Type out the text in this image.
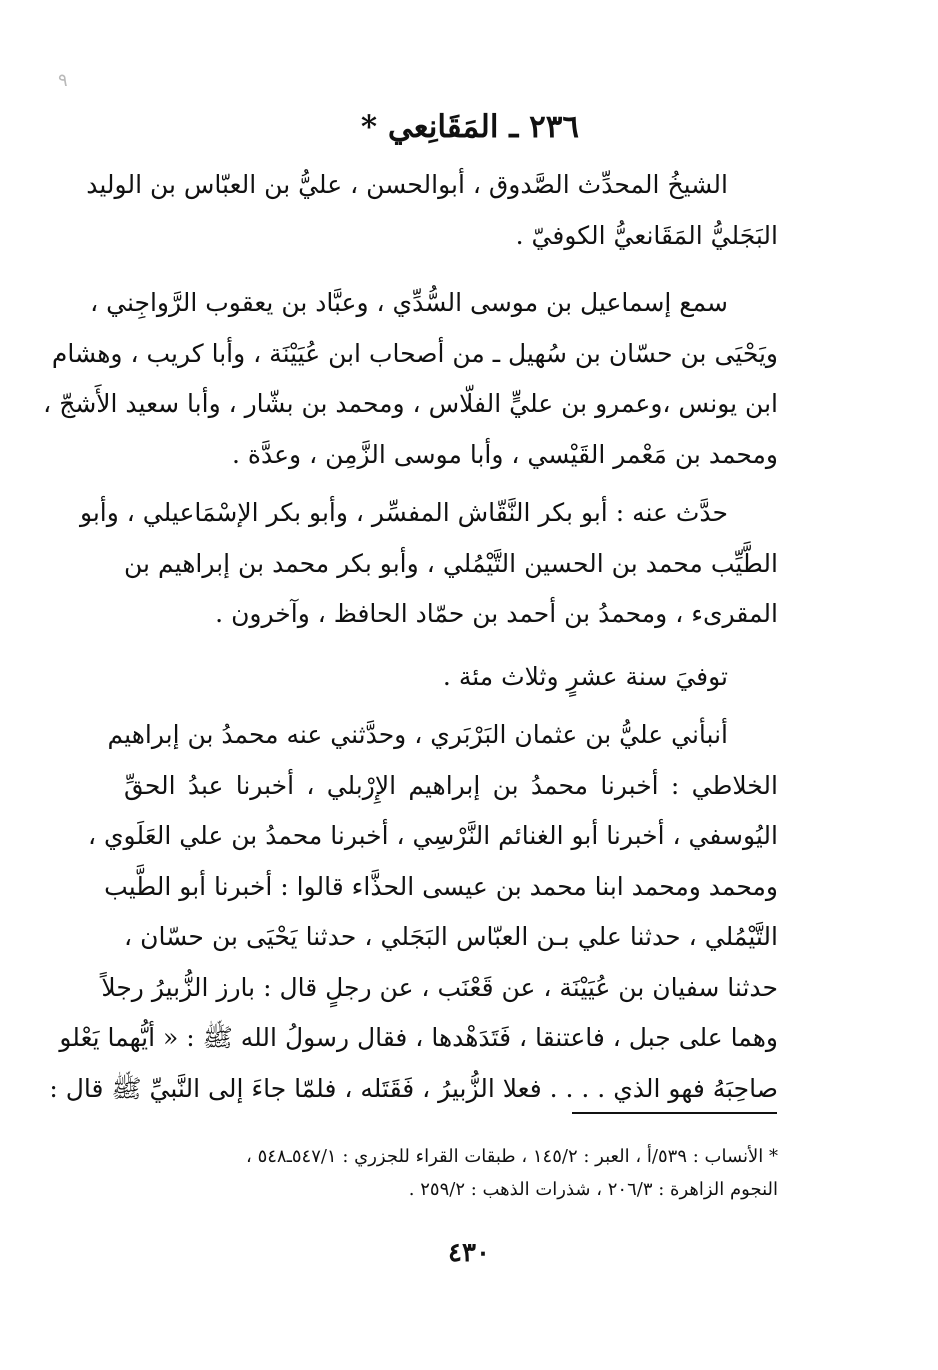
٩
٢٣٦ ـ المَقَانِعي *

الشيخُ المحدِّث الصَّدوق ، أبوالحسن ، عليُّ بن العبّاس بن الوليد
البَجَليُّ المَقَانعيُّ الكوفيّ .

سمع إسماعيل بن موسى السُّدِّي ، وعبَّاد بن يعقوب الرَّواجِني ،
ويَحْيَى بن حسّان بن سُهيل ـ من أصحاب ابن عُيَيْنَة ، وأبا كريب ، وهشام
ابن يونس ،وعمرو بن عليٍّ الفلّاس ، ومحمد بن بشّار ، وأبا سعيد الأَشجّ ،
ومحمد بن مَعْمر القَيْسي ، وأبا موسى الزَّمِن ، وعدَّة .

حدَّث عنه : أبو بكر النَّقّاش المفسِّر ، وأبو بكر الإسْمَاعيلي ، وأبو
الطَّيِّب محمد بن الحسين التَّيْمُلي ، وأبو بكر محمد بن إبراهيم بن
المقرىء ، ومحمدُ بن أحمد بن حمّاد الحافظ ، وآخرون .

توفيَ سنة عشرٍ وثلاث مئة .

أنبأني عليُّ بن عثمان البَرْبَري ، وحدَّثني عنه محمدُ بن إبراهيم
الخلاطي : أخبرنا محمدُ بن إبراهيم الإِرْبلي ، أخبرنا عبدُ الحقِّ
اليُوسفي ، أخبرنا أبو الغنائم النَّرْسِي ، أخبرنا محمدُ بن علي العَلَوي ،
ومحمد ومحمد ابنا محمد بن عيسى الحذَّاء قالوا : أخبرنا أبو الطَّيب
التَّيْمُلي ، حدثنا علي بـن العبّاس البَجَلي ، حدثنا يَحْيَى بن حسّان ،
حدثنا سفيان بن عُيَيْنَة ، عن قَعْنَب ، عن رجلٍ قال : بارز الزُّبيرُ رجلاً
وهما على جبل ، فاعتنقا ، فَتَدَهْدها ، فقال رسولُ الله ﷺ : « أيُّهما يَعْلو
صاحِبَهُ فهو الذي . . . . فعلا الزُّبيرُ ، فَقَتَله ، فلمّا جاءَ إلى النَّبيِّ ﷺ قال :

* الأنساب : ٥٣٩/أ ، العبر : ١٤٥/٢ ، طبقات القراء للجزري : ٥٤٧/١ـ٥٤٨ ،
النجوم الزاهرة : ٢٠٦/٣ ، شذرات الذهب : ٢٥٩/٢ .

٤٣٠
